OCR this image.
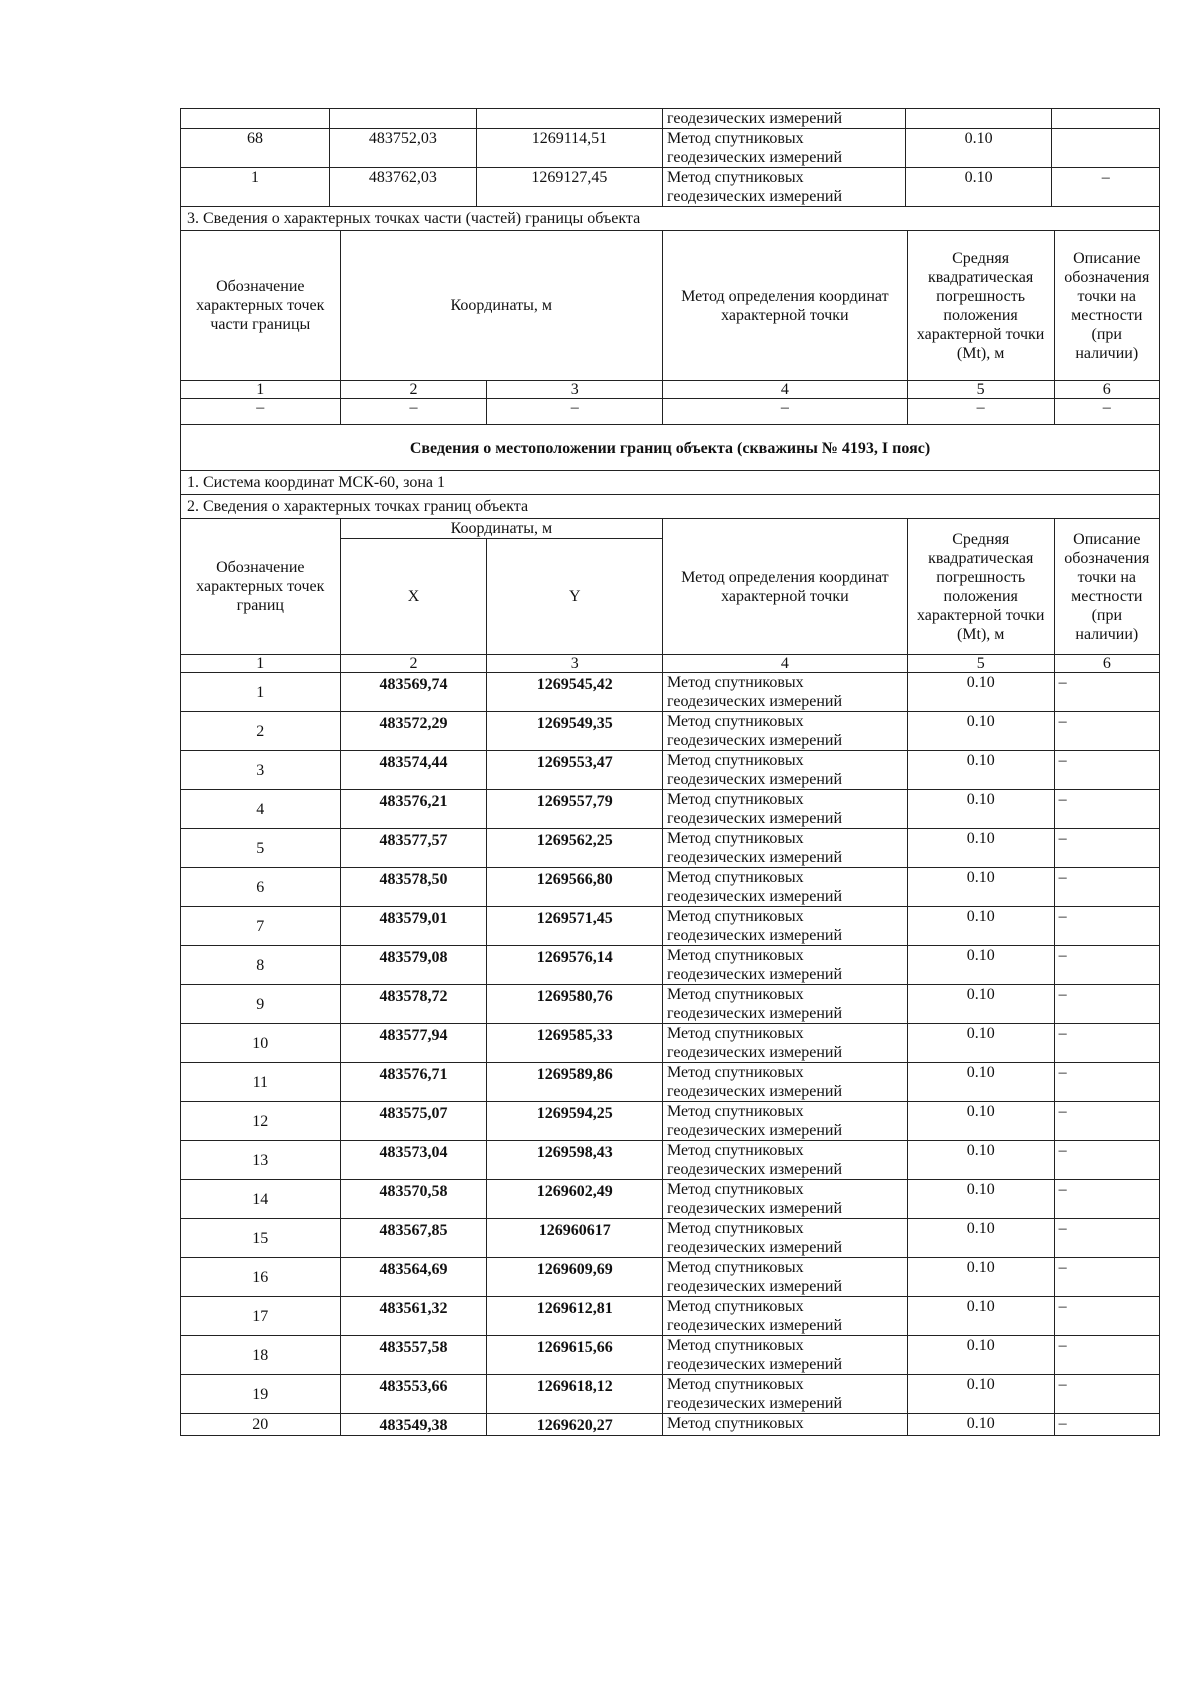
			геодезических измерений		
68	483752,03	1269114,51	Метод спутниковых геодезических измерений	0.10	
1	483762,03	1269127,45	Метод спутниковых геодезических измерений	0.10	–
3. Сведения о характерных точках части (частей) границы объекта					
Обозначение характерных точек части границы	Координаты, м		Метод определения координат характерной точки	Средняя квадратическая погрешность положения характерной точки (Mt), м	Описание обозначения точки на местности (при наличии)
1	2	3	4	5	6
–	–	–	–	–	–
Сведения о местоположении границ объекта (скважины № 4193, I пояс)					
1. Система координат МСК-60, зона 1					
2. Сведения о характерных точках границ объекта					
Обозначение характерных точек границ	Координаты, м		Метод определения координат характерной точки	Средняя квадратическая погрешность положения характерной точки (Mt), м	Описание обозначения точки на местности (при наличии)
	X	Y			
1	2	3	4	5	6
1	483569,74	1269545,42	Метод спутниковых геодезических измерений	0.10	–
2	483572,29	1269549,35	Метод спутниковых геодезических измерений	0.10	–
3	483574,44	1269553,47	Метод спутниковых геодезических измерений	0.10	–
4	483576,21	1269557,79	Метод спутниковых геодезических измерений	0.10	–
5	483577,57	1269562,25	Метод спутниковых геодезических измерений	0.10	–
6	483578,50	1269566,80	Метод спутниковых геодезических измерений	0.10	–
7	483579,01	1269571,45	Метод спутниковых геодезических измерений	0.10	–
8	483579,08	1269576,14	Метод спутниковых геодезических измерений	0.10	–
9	483578,72	1269580,76	Метод спутниковых геодезических измерений	0.10	–
10	483577,94	1269585,33	Метод спутниковых геодезических измерений	0.10	–
11	483576,71	1269589,86	Метод спутниковых геодезических измерений	0.10	–
12	483575,07	1269594,25	Метод спутниковых геодезических измерений	0.10	–
13	483573,04	1269598,43	Метод спутниковых геодезических измерений	0.10	–
14	483570,58	1269602,49	Метод спутниковых геодезических измерений	0.10	–
15	483567,85	126960617	Метод спутниковых геодезических измерений	0.10	–
16	483564,69	1269609,69	Метод спутниковых геодезических измерений	0.10	–
17	483561,32	1269612,81	Метод спутниковых геодезических измерений	0.10	–
18	483557,58	1269615,66	Метод спутниковых геодезических измерений	0.10	–
19	483553,66	1269618,12	Метод спутниковых геодезических измерений	0.10	–
20	483549,38	1269620,27	Метод спутниковых	0.10	–
